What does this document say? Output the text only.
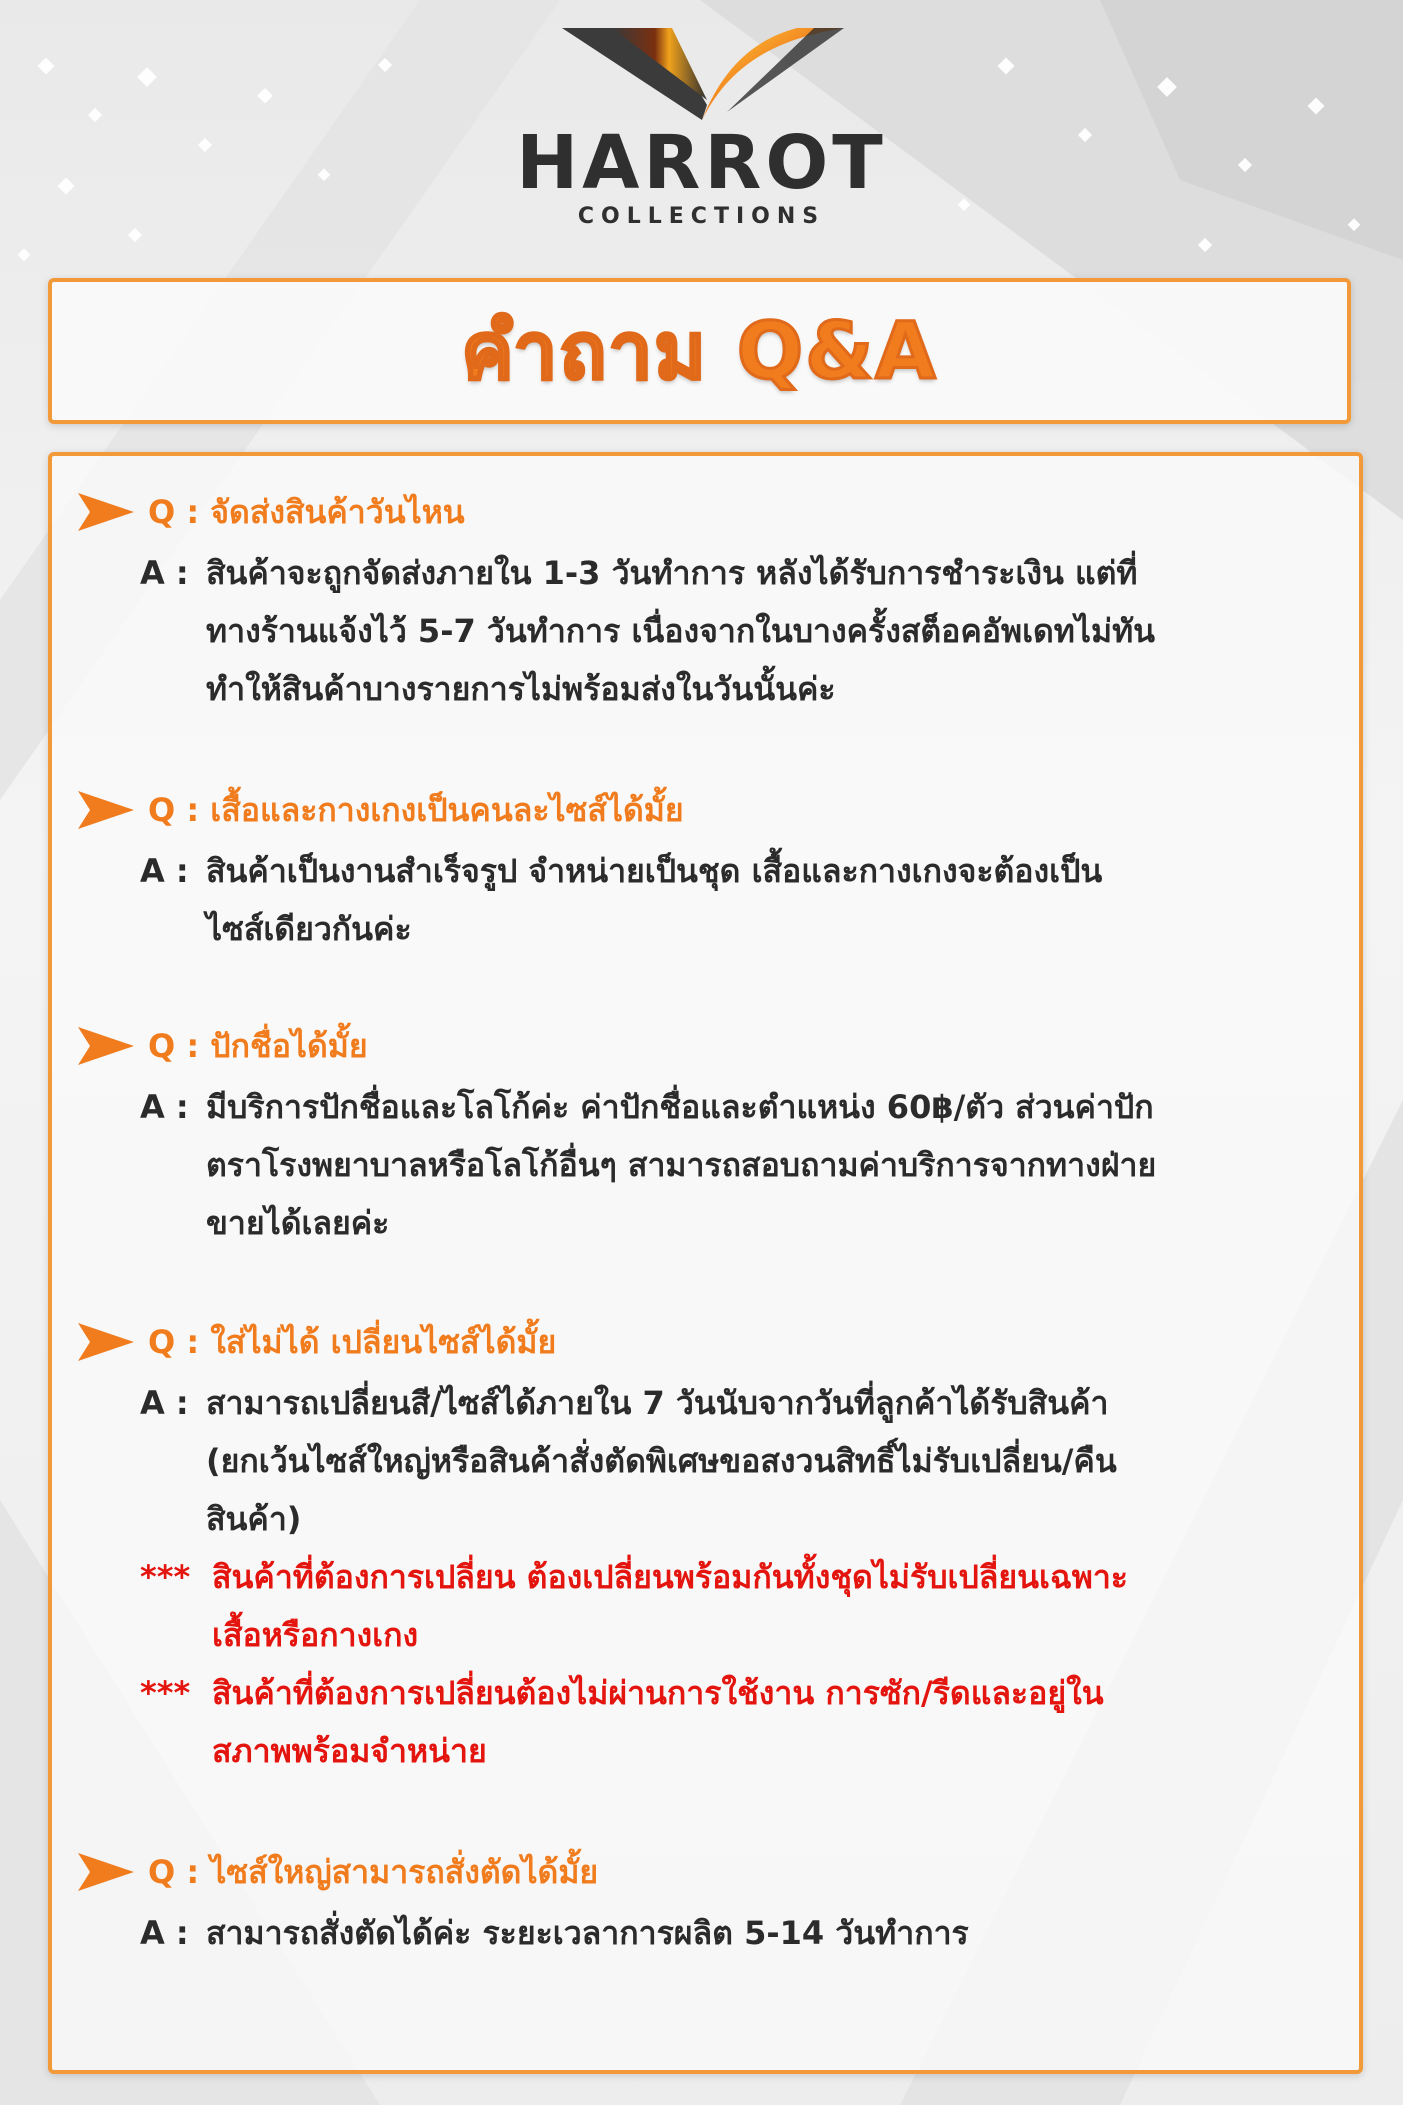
HARROT
COLLECTIONS
คำถาม Q&A
Q : จัดส่งสินค้าวันไหน
A : สินค้าจะถูกจัดส่งภายใน 1-3 วันทำการ หลังได้รับการชำระเงิน แต่ที่
ทางร้านแจ้งไว้ 5-7 วันทำการ เนื่องจากในบางครั้งสต็อคอัพเดทไม่ทัน
ทำให้สินค้าบางรายการไม่พร้อมส่งในวันนั้นค่ะ
Q : เสื้อและกางเกงเป็นคนละไซส์ได้มั้ย
A : สินค้าเป็นงานสำเร็จรูป จำหน่ายเป็นชุด เสื้อและกางเกงจะต้องเป็น
ไซส์เดียวกันค่ะ
Q : ปักชื่อได้มั้ย
A : มีบริการปักชื่อและโลโก้ค่ะ ค่าปักชื่อและตำแหน่ง 60฿/ตัว ส่วนค่าปัก
ตราโรงพยาบาลหรือโลโก้อื่นๆ สามารถสอบถามค่าบริการจากทางฝ่าย
ขายได้เลยค่ะ
Q : ใส่ไม่ได้ เปลี่ยนไซส์ได้มั้ย
A : สามารถเปลี่ยนสี/ไซส์ได้ภายใน 7 วันนับจากวันที่ลูกค้าได้รับสินค้า
(ยกเว้นไซส์ใหญ่หรือสินค้าสั่งตัดพิเศษขอสงวนสิทธิ์ไม่รับเปลี่ยน/คืน
สินค้า)
*** สินค้าที่ต้องการเปลี่ยน ต้องเปลี่ยนพร้อมกันทั้งชุดไม่รับเปลี่ยนเฉพาะ
เสื้อหรือกางเกง
*** สินค้าที่ต้องการเปลี่ยนต้องไม่ผ่านการใช้งาน การซัก/รีดและอยู่ใน
สภาพพร้อมจำหน่าย
Q : ไซส์ใหญ่สามารถสั่งตัดได้มั้ย
A : สามารถสั่งตัดได้ค่ะ ระยะเวลาการผลิต 5-14 วันทำการ
